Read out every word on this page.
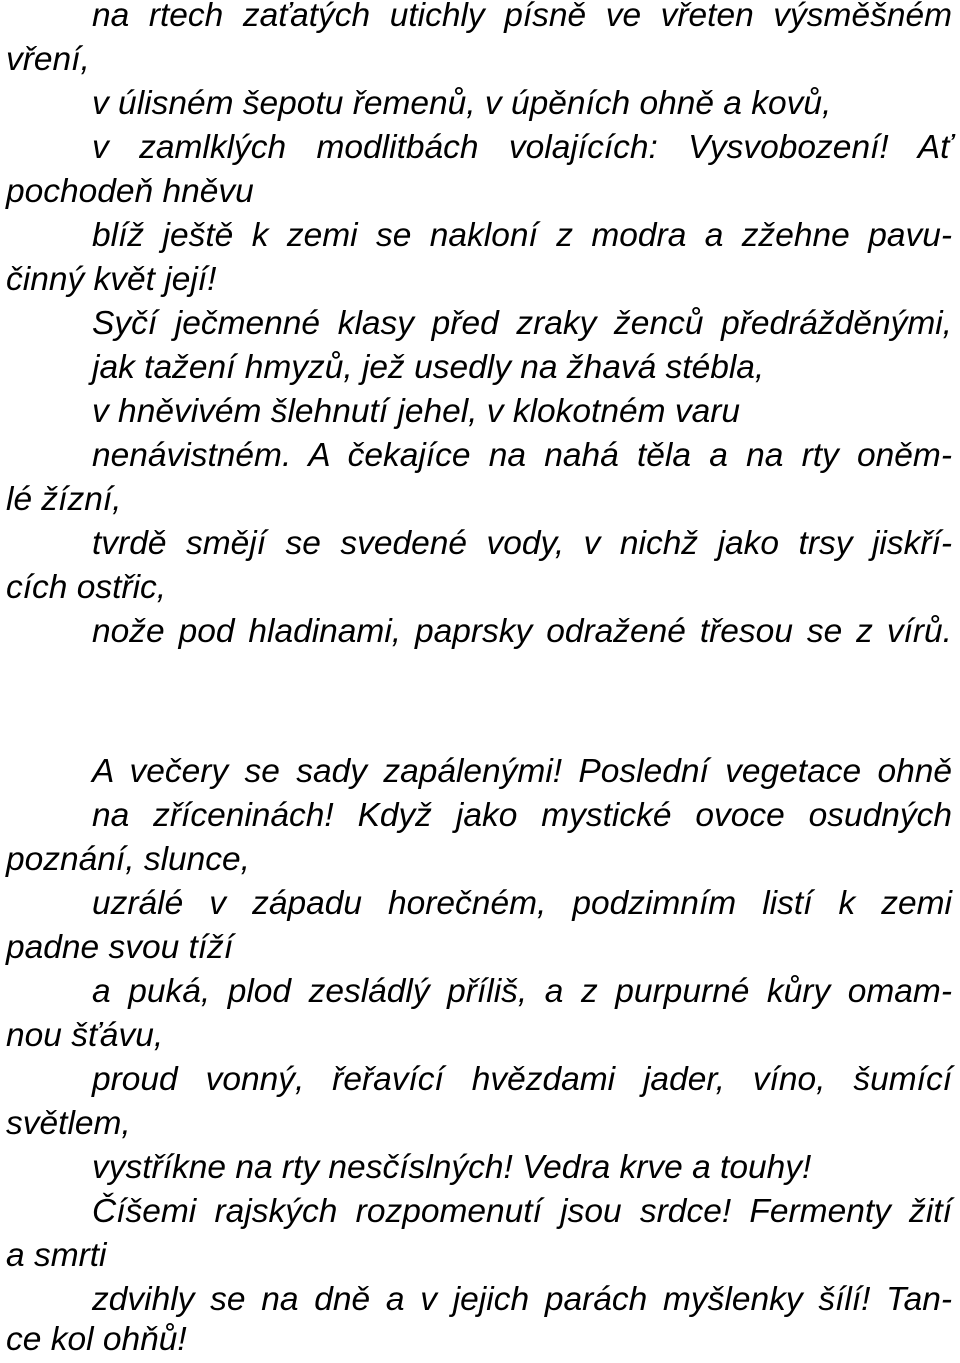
na rtech zaťatých utichly písně ve vřeten výsměšném
vření,
v úlisném šepotu řemenů, v úpěních ohně a kovů,
v zamlklých modlitbách volajících: Vysvobození! Ať
pochodeň hněvu
blíž ještě k zemi se nakloní z modra a zžehne pavu-
činný květ její!
Syčí ječmenné klasy před zraky ženců předrážděnými,
jak tažení hmyzů, jež usedly na žhavá stébla,
v hněvivém šlehnutí jehel, v klokotném varu
nenávistném. A čekajíce na nahá těla a na rty oněm-
lé žízní,
tvrdě smějí se svedené vody, v nichž jako trsy jiskří-
cích ostřic,
nože pod hladinami, paprsky odražené třesou se z vírů.
A večery se sady zapálenými! Poslední vegetace ohně
na zříceninách! Když jako mystické ovoce osudných
poznání, slunce,
uzrálé v západu horečném, podzimním listí k zemi
padne svou tíží
a puká, plod zesládlý příliš, a z purpurné kůry omam-
nou šťávu,
proud vonný, řeřavící hvězdami jader, víno, šumící
světlem,
vystříkne na rty nesčíslných! Vedra krve a touhy!
Číšemi rajských rozpomenutí jsou srdce! Fermenty žití
a smrti
zdvihly se na dně a v jejich parách myšlenky šílí! Tan-
ce kol ohňů!
